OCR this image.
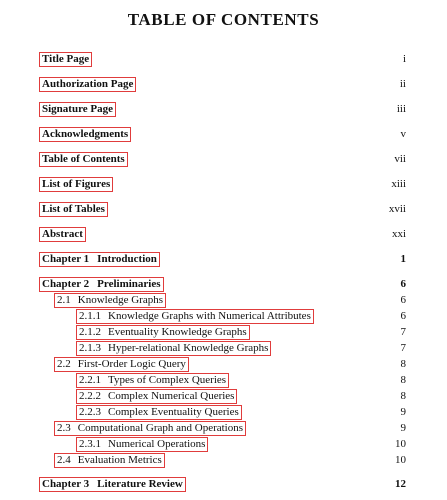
TABLE OF CONTENTS
Title Page	i
Authorization Page	ii
Signature Page	iii
Acknowledgments	v
Table of Contents	vii
List of Figures	xiii
List of Tables	xvii
Abstract	xxi
Chapter 1 Introduction	1
Chapter 2 Preliminaries	6
2.1 Knowledge Graphs	6
2.1.1 Knowledge Graphs with Numerical Attributes	6
2.1.2 Eventuality Knowledge Graphs	7
2.1.3 Hyper-relational Knowledge Graphs	7
2.2 First-Order Logic Query	8
2.2.1 Types of Complex Queries	8
2.2.2 Complex Numerical Queries	8
2.2.3 Complex Eventuality Queries	9
2.3 Computational Graph and Operations	9
2.3.1 Numerical Operations	10
2.4 Evaluation Metrics	10
Chapter 3 Literature Review	12
